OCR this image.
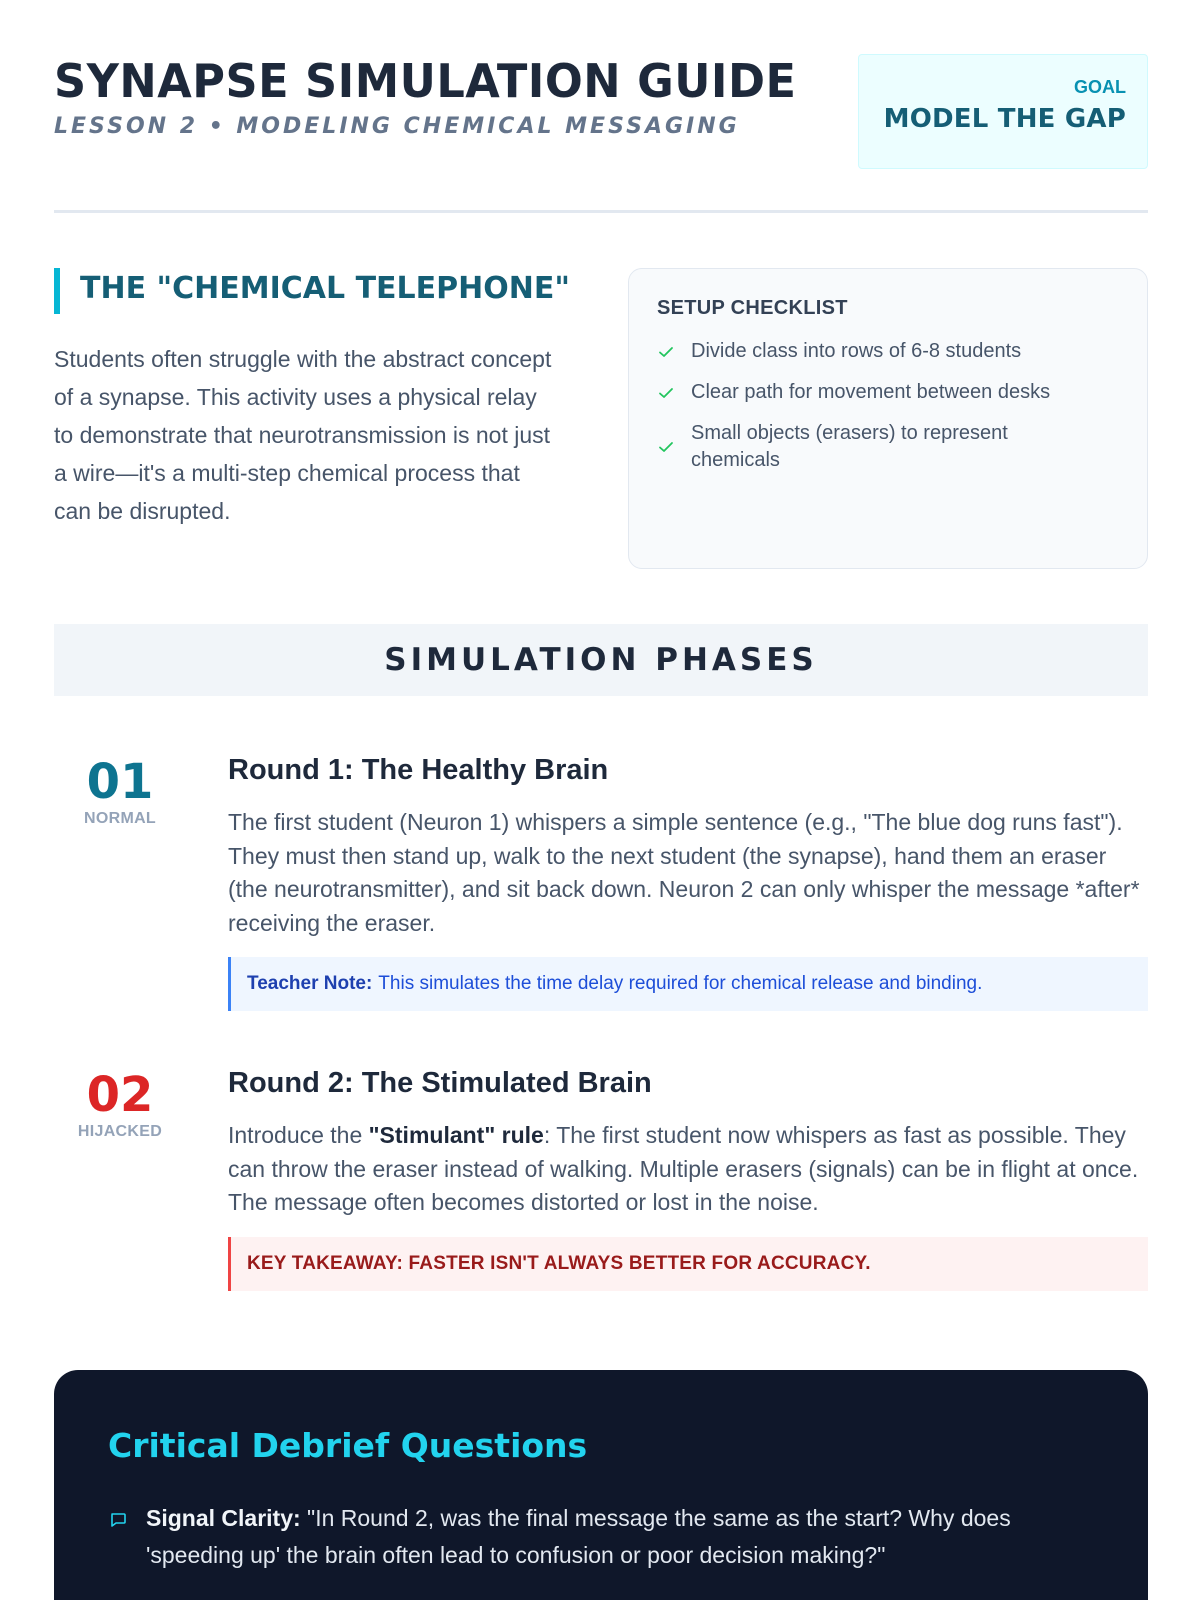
SYNAPSE SIMULATION GUIDE
LESSON 2 • MODELING CHEMICAL MESSAGING
GOAL
MODEL THE GAP
THE "CHEMICAL TELEPHONE"

Students often struggle with the abstract concept of a synapse. This activity uses a physical relay to demonstrate that neurotransmission is not just a wire—it's a multi-step chemical process that can be disrupted.

SETUP CHECKLIST
Divide class into rows of 6-8 students
Clear path for movement between desks
Small objects (erasers) to represent chemicals
SIMULATION PHASES
01
NORMAL
Round 1: The Healthy Brain

The first student (Neuron 1) whispers a simple sentence (e.g., "The blue dog runs fast"). They must then stand up, walk to the next student (the synapse), hand them an eraser (the neurotransmitter), and sit back down. Neuron 2 can only whisper the message *after* receiving the eraser.

Teacher Note: This simulates the time delay required for chemical release and binding.
02
HIJACKED
Round 2: The Stimulated Brain

Introduce the "Stimulant" rule: The first student now whispers as fast as possible. They can throw the eraser instead of walking. Multiple erasers (signals) can be in flight at once. The message often becomes distorted or lost in the noise.

KEY TAKEAWAY: FASTER ISN'T ALWAYS BETTER FOR ACCURACY.
Critical Debrief Questions

Signal Clarity: "In Round 2, was the final message the same as the start? Why does 'speeding up' the brain often lead to confusion or poor decision making?"
